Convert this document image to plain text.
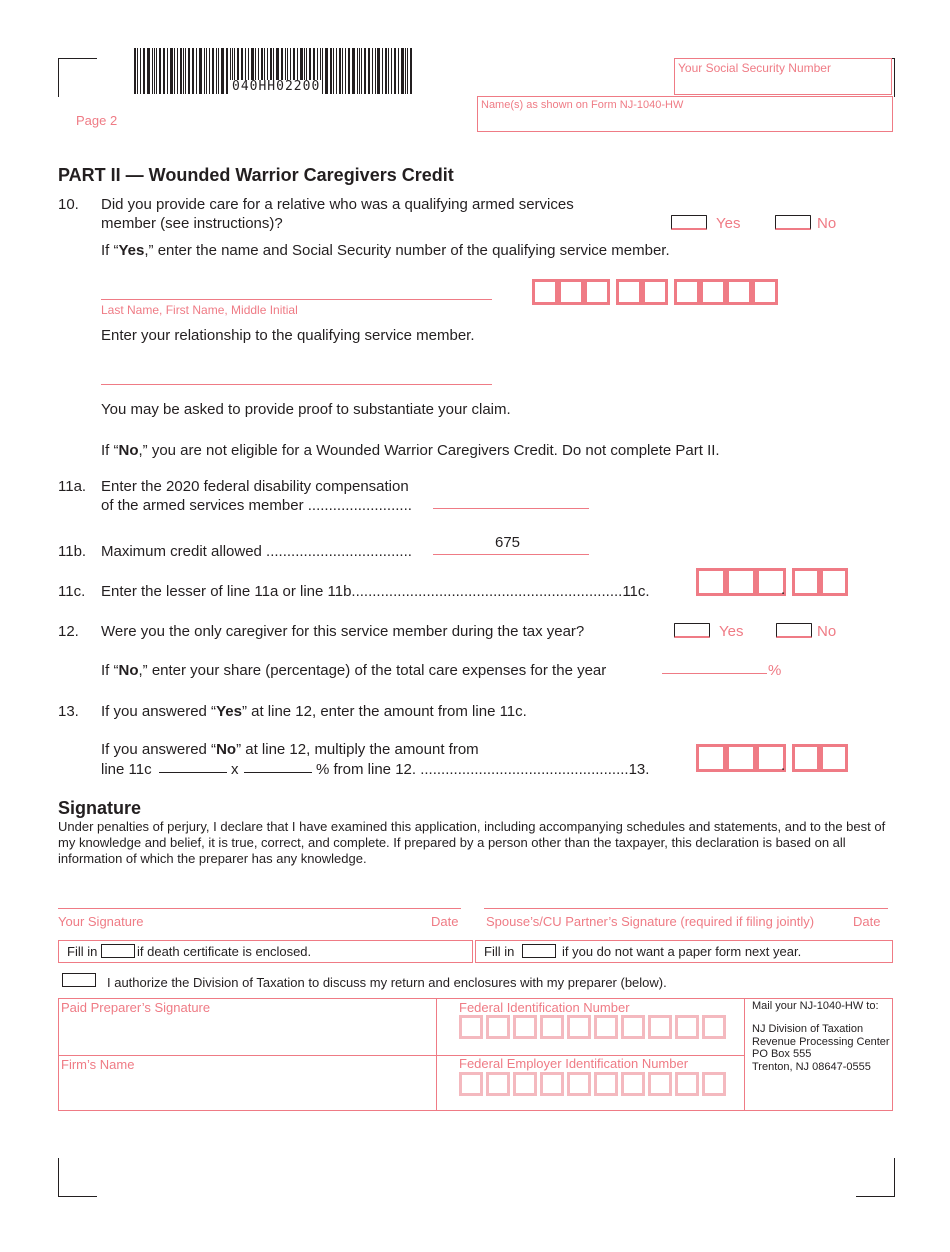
040HH02200
Page 2
Your Social Security Number
Name(s) as shown on Form NJ-1040-HW
PART II — Wounded Warrior Caregivers Credit
10. Did you provide care for a relative who was a qualifying armed services
member (see instructions)?	Yes	No
If “Yes,” enter the name and Social Security number of the qualifying service member.
Last Name, First Name, Middle Initial
Enter your relationship to the qualifying service member.
You may be asked to provide proof to substantiate your claim.
If “No,” you are not eligible for a Wounded Warrior Caregivers Credit. Do not complete Part II.
11a. Enter the 2020 federal disability compensation
of the armed services member .........................
11b. Maximum credit allowed ...................................
675
11c. Enter the lesser of line 11a or line 11b.................................................................11c.	.
12. Were you the only caregiver for this service member during the tax year?	Yes	No
If “No,” enter your share (percentage) of the total care expenses for the year	%
13. If you answered “Yes” at line 12, enter the amount from line 11c.
If you answered “No” at line 12, multiply the amount from
line 11c	x	% from line 12. ..................................................13.	.
Signature
Under penalties of perjury, I declare that I have examined this application, including accompanying schedules and statements, and to the best of my knowledge and belief, it is true, correct, and complete. If prepared by a person other than the taxpayer, this declaration is based on all information of which the preparer has any knowledge.
Your Signature	Date Spouse’s/CU Partner’s Signature (required if filing jointly)	Date
Fill in	if death certificate is enclosed.	Fill in	if you do not want a paper form next year.
I authorize the Division of Taxation to discuss my return and enclosures with my preparer (below).
Paid Preparer’s Signature
Firm’s Name
Federal Identification Number
Federal Employer Identification Number
Mail your NJ-1040-HW to:
NJ Division of Taxation
Revenue Processing Center
PO Box 555
Trenton, NJ 08647-0555
